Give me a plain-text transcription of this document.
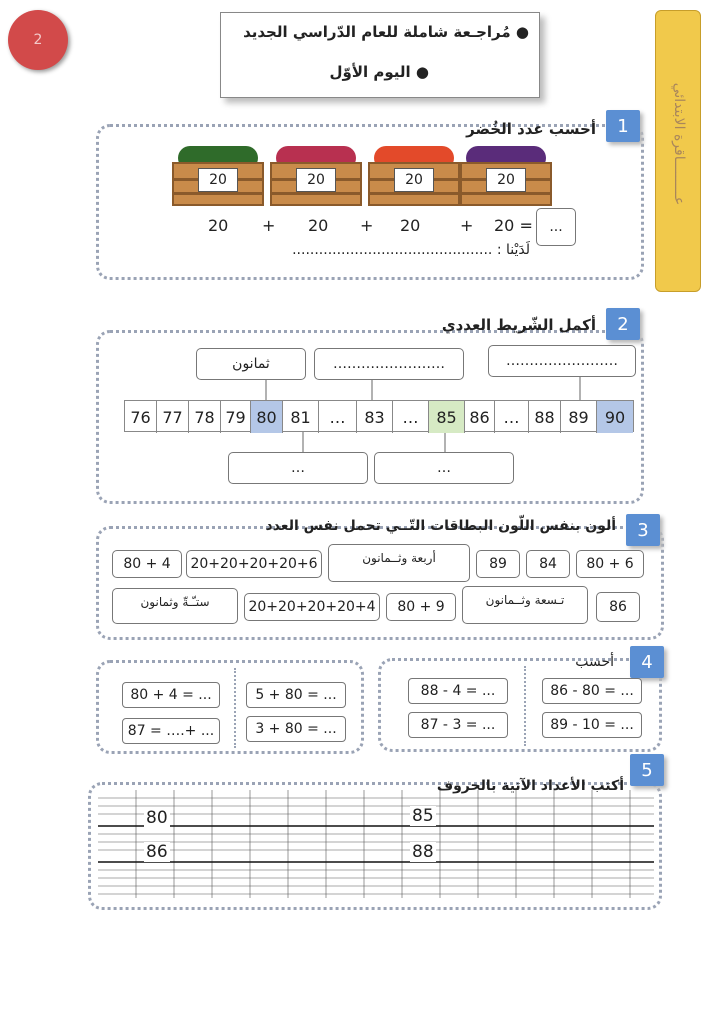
2	● مُراجـعة شاملة للعام الدّراسي الجديد
● اليوم الأوّل
عـــــــــاقرة الابتدائي
1
أحسب عدد الخُضر
20	20	20	20
20 + 20 + 20 + 20 =	...
لَدَيْنا : .............................................
2
أكمل الشّريط العددي
ثمانون	……………………	……………………
76 77 78 79 80 81	…	83	…	85 86 … 88 89	90
…	…
3
ألون بنفس اللّون البطاقات التّــي تحمل نفس العدد
80 + 4	20+20+20+20+6	أربعة وثــمانون	89	84	80 + 6
ستـّـةّ وثمانون	20+20+20+20+4	80 + 9	تـسعة وثــمانون	86
4
أحسب
80 + 4 = ...
87 = ….+ ...
5 + 80 = ...
3 + 80 = ...
88 - 4 = ...
87 - 3 = ...
86 - 80 = ...
89 - 10 = ...
5
أكتب الأعداد الآتية بالحروف
80	85
86	88
